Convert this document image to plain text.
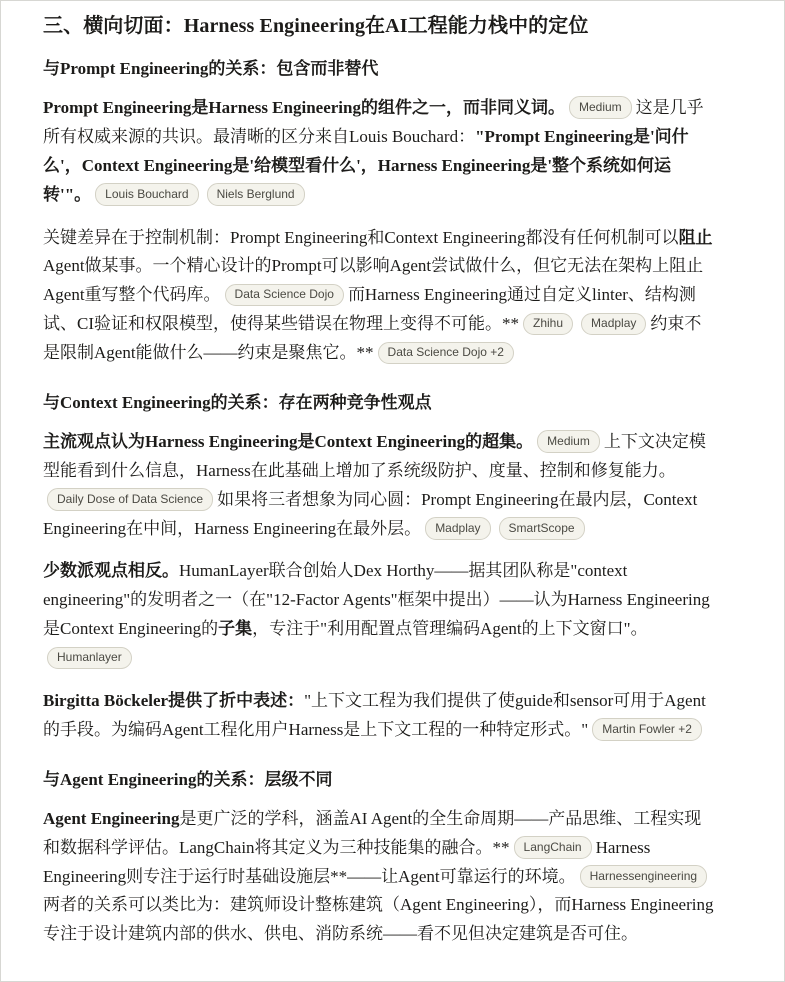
三、横向切面：Harness Engineering在AI工程能力栈中的定位
与Prompt Engineering的关系：包含而非替代

Prompt Engineering是Harness Engineering的组件之一，而非同义词。 Medium 这是几乎所有权威来源的共识。最清晰的区分来自Louis Bouchard："Prompt Engineering是'问什么'，Context Engineering是'给模型看什么'，Harness Engineering是'整个系统如何运转'"。 Louis Bouchard Niels Berglund

关键差异在于控制机制：Prompt Engineering和Context Engineering都没有任何机制可以阻止Agent做某事。一个精心设计的Prompt可以影响Agent尝试做什么，但它无法在架构上阻止Agent重写整个代码库。 Data Science Dojo 而Harness Engineering通过自定义linter、结构测试、CI验证和权限模型，使得某些错误在物理上变得不可能。** Zhihu Madplay 约束不是限制Agent能做什么——约束是聚焦它。** Data Science Dojo +2

与Context Engineering的关系：存在两种竞争性观点

主流观点认为Harness Engineering是Context Engineering的超集。 Medium 上下文决定模型能看到什么信息，Harness在此基础上增加了系统级防护、度量、控制和修复能力。Daily Dose of Data Science 如果将三者想象为同心圆：Prompt Engineering在最内层，Context Engineering在中间，Harness Engineering在最外层。 Madplay SmartScope

少数派观点相反。HumanLayer联合创始人Dex Horthy——据其团队称是"context engineering"的发明者之一（在"12-Factor Agents"框架中提出）——认为Harness Engineering是Context Engineering的子集，专注于"利用配置点管理编码Agent的上下文窗口"。Humanlayer

Birgitta Böckeler提供了折中表述："上下文工程为我们提供了使guide和sensor可用于Agent的手段。为编码Agent工程化用户Harness是上下文工程的一种特定形式。" Martin Fowler +2

与Agent Engineering的关系：层级不同

Agent Engineering是更广泛的学科，涵盖AI Agent的全生命周期——产品思维、工程实现和数据科学评估。LangChain将其定义为三种技能集的融合。** LangChain Harness Engineering则专注于运行时基础设施层**——让Agent可靠运行的环境。 Harnessengineering两者的关系可以类比为：建筑师设计整栋建筑（Agent Engineering），而Harness Engineering专注于设计建筑内部的供水、供电、消防系统——看不见但决定建筑是否可住。
